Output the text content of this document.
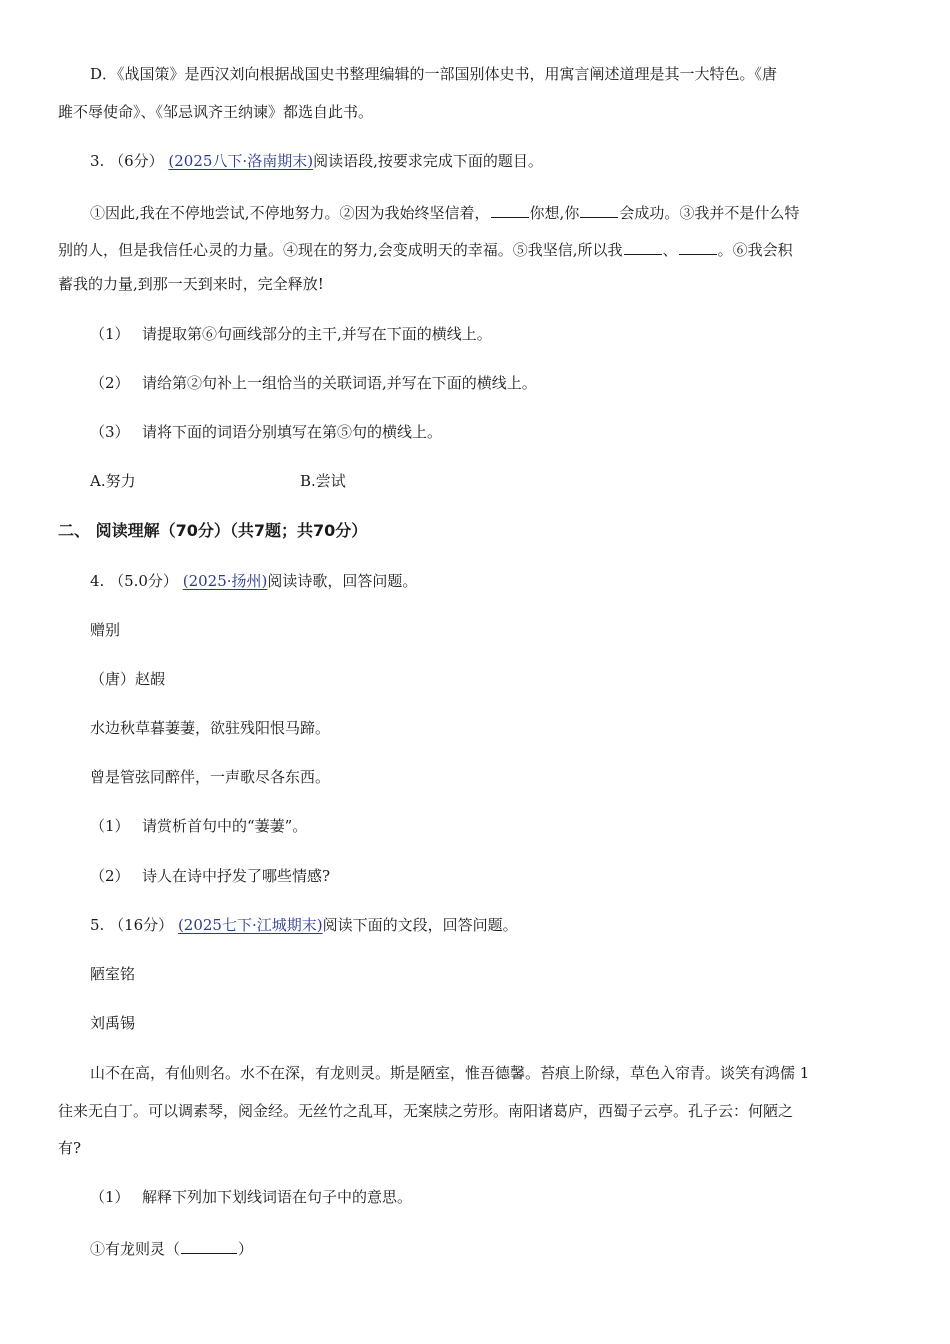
D．《战国策》是西汉刘向根据战国史书整理编辑的一部国别体史书，用寓言阐述道理是其一大特色。《唐
雎不辱使命》、《邹忌讽齐王纳谏》都选自此书。
3. （6分） (2025八下·洛南期末)阅读语段,按要求完成下面的题目。
①因此,我在不停地尝试,不停地努力。②因为我始终坚信着，	你想,你	会成功。③我并不是什么特
别的人，但是我信任心灵的力量。④现在的努力,会变成明天的幸福。⑤我坚信,所以我	、	。⑥我会积
蓄我的力量,到那一天到来时，完全释放!
（1） 请提取第⑥句画线部分的主干,并写在下面的横线上。
（2） 请给第②句补上一组恰当的关联词语,并写在下面的横线上。
（3） 请将下面的词语分别填写在第⑤句的横线上。
A.努力	B.尝试
二、 阅读理解（70分）（共7题；共70分）
4. （5.0分） (2025·扬州)阅读诗歌，回答问题。
赠别
（唐）赵嘏
水边秋草暮萋萋，欲驻残阳恨马蹄。
曾是管弦同醉伴，一声歌尽各东西。
（1） 请赏析首句中的“萋萋”。
（2） 诗人在诗中抒发了哪些情感?
5. （16分） (2025七下·江城期末)阅读下面的文段，回答问题。
陋室铭
刘禹锡
山不在高，有仙则名。水不在深，有龙则灵。斯是陋室，惟吾德馨。苔痕上阶绿，草色入帘青。谈笑有鸿儒 1
往来无白丁。可以调素琴，阅金经。无丝竹之乱耳，无案牍之劳形。南阳诸葛庐，西蜀子云亭。孔子云：何陋之
有?
（1） 解释下列加下划线词语在句子中的意思。
①有龙则灵（	）
